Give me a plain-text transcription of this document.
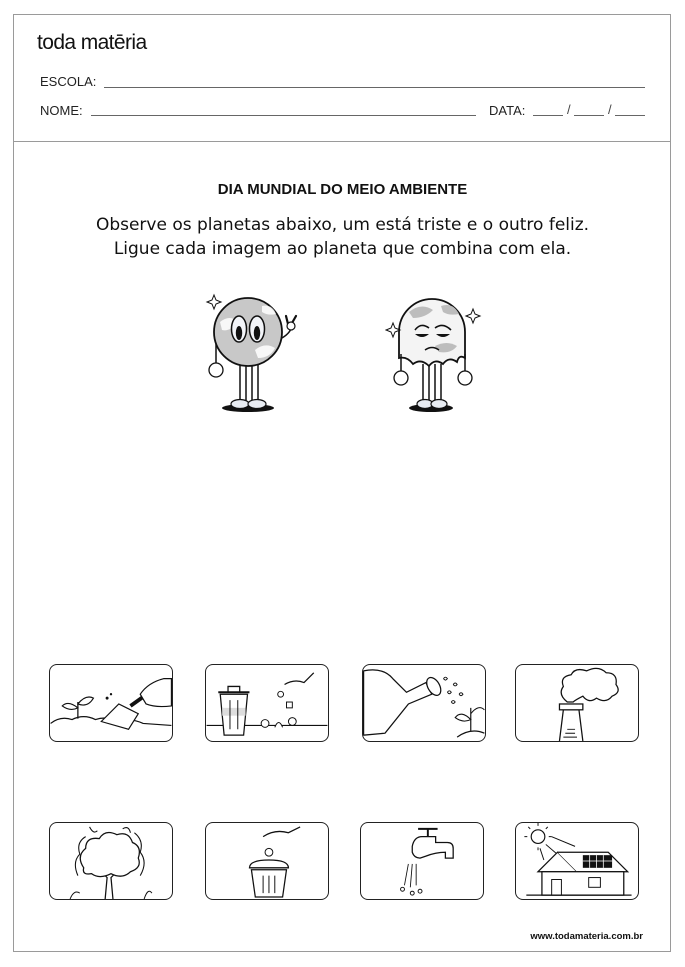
toda matēria
ESCOLA:
NOME:	DATA:	/	/
DIA MUNDIAL DO MEIO AMBIENTE
Observe os planetas abaixo, um está triste e o outro feliz.
Ligue cada imagem ao planeta que combina com ela.
www.todamateria.com.br
